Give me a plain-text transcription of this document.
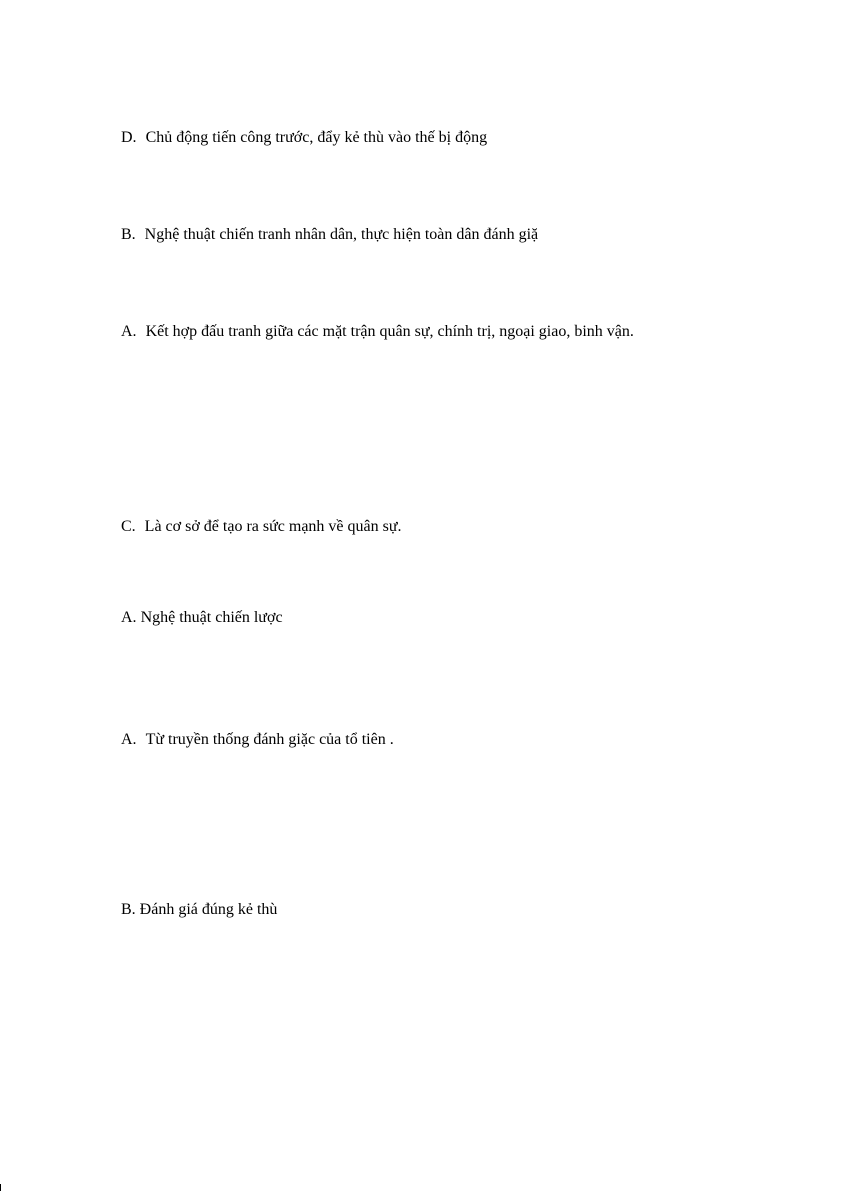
D. Chủ động tiến công trước, đẩy kẻ thù vào thế bị động

B. Nghệ thuật chiến tranh nhân dân, thực hiện toàn dân đánh giặ

A. Kết hợp đấu tranh giữa các mặt trận quân sự, chính trị, ngoại giao, binh vận.

C. Là cơ sở để tạo ra sức mạnh về quân sự.

A. Nghệ thuật chiến lược

A. Từ truyền thống đánh giặc của tổ tiên .

B. Đánh giá đúng kẻ thù
